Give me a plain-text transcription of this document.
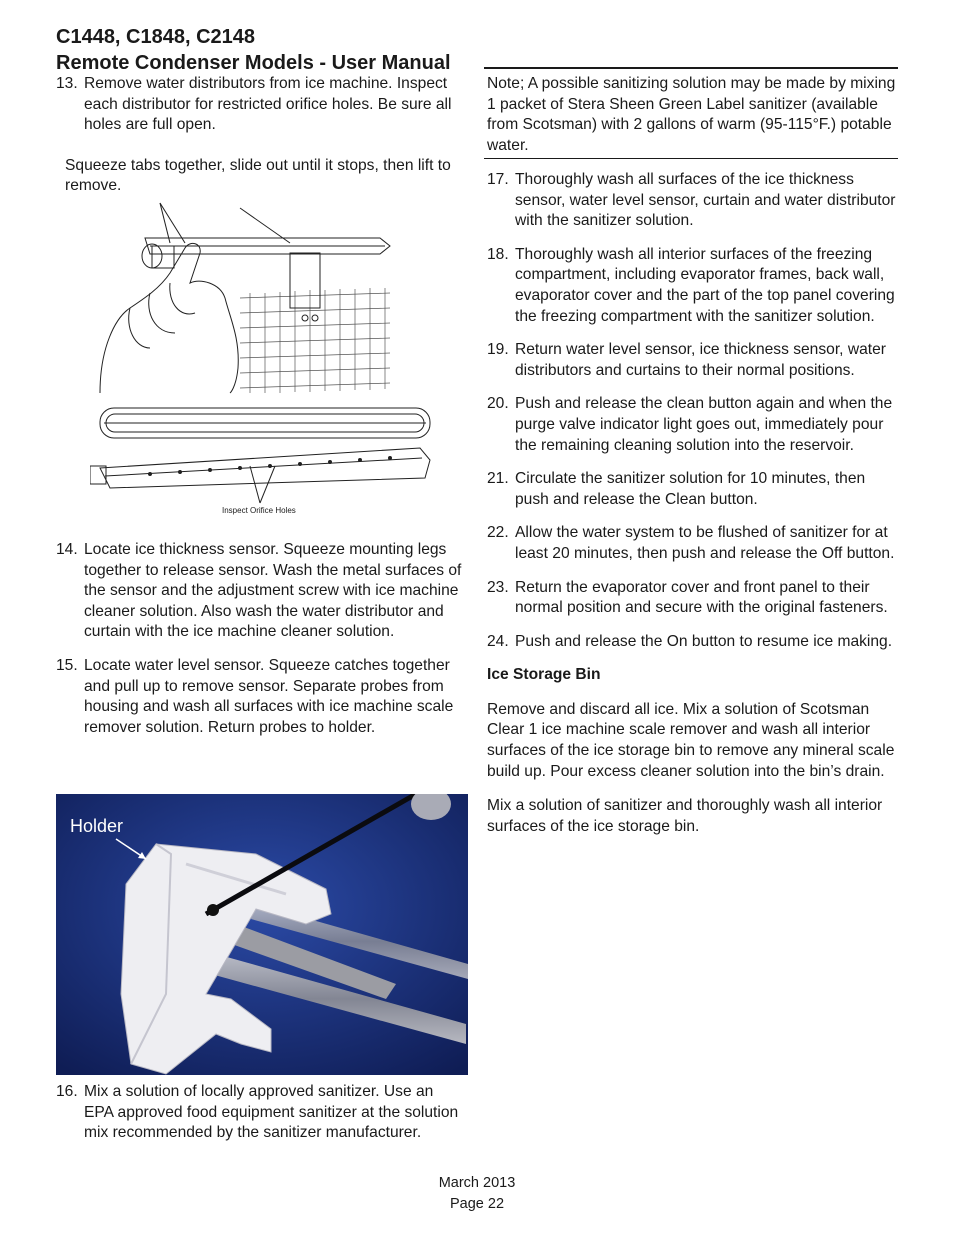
C1448, C1848, C2148
Remote Condenser Models - User Manual
13. Remove water distributors from ice machine. Inspect each distributor for restricted orifice holes. Be sure all holes are full open.

Squeeze tabs together, slide out until it stops, then lift to remove.

Inspect Orifice Holes
14. Locate ice thickness sensor. Squeeze mounting legs together to release sensor. Wash the metal surfaces of the sensor and the adjustment screw with ice machine cleaner solution. Also wash the water distributor and curtain with the ice machine cleaner solution.

15. Locate water level sensor. Squeeze catches together and pull up to remove sensor. Separate probes from housing and wash all surfaces with ice machine scale remover solution. Return probes to holder.

Holder
16. Mix a solution of locally approved sanitizer. Use an EPA approved food equipment sanitizer at the solution mix recommended by the sanitizer manufacturer.

Note; A possible sanitizing solution may be made by mixing 1 packet of Stera Sheen Green Label sanitizer (available from Scotsman) with 2 gallons of warm (95-115°F.) potable water.

17. Thoroughly wash all surfaces of the ice thickness sensor, water level sensor, curtain and water distributor with the sanitizer solution.

18. Thoroughly wash all interior surfaces of the freezing compartment, including evaporator frames, back wall, evaporator cover and the part of the top panel covering the freezing compartment with the sanitizer solution.

19. Return water level sensor, ice thickness sensor, water distributors and curtains to their normal positions.

20. Push and release the clean button again and when the purge valve indicator light goes out, immediately pour the remaining cleaning solution into the reservoir.

21. Circulate the sanitizer solution for 10 minutes, then push and release the Clean button.

22. Allow the water system to be flushed of sanitizer for at least 20 minutes, then push and release the Off button.

23. Return the evaporator cover and front panel to their normal position and secure with the original fasteners.

24. Push and release the On button to resume ice making.

Ice Storage Bin

Remove and discard all ice. Mix a solution of Scotsman Clear 1 ice machine scale remover and wash all interior surfaces of the ice storage bin to remove any mineral scale build up. Pour excess cleaner solution into the bin’s drain.

Mix a solution of sanitizer and thoroughly wash all interior surfaces of the ice storage bin.

March 2013
Page 22
